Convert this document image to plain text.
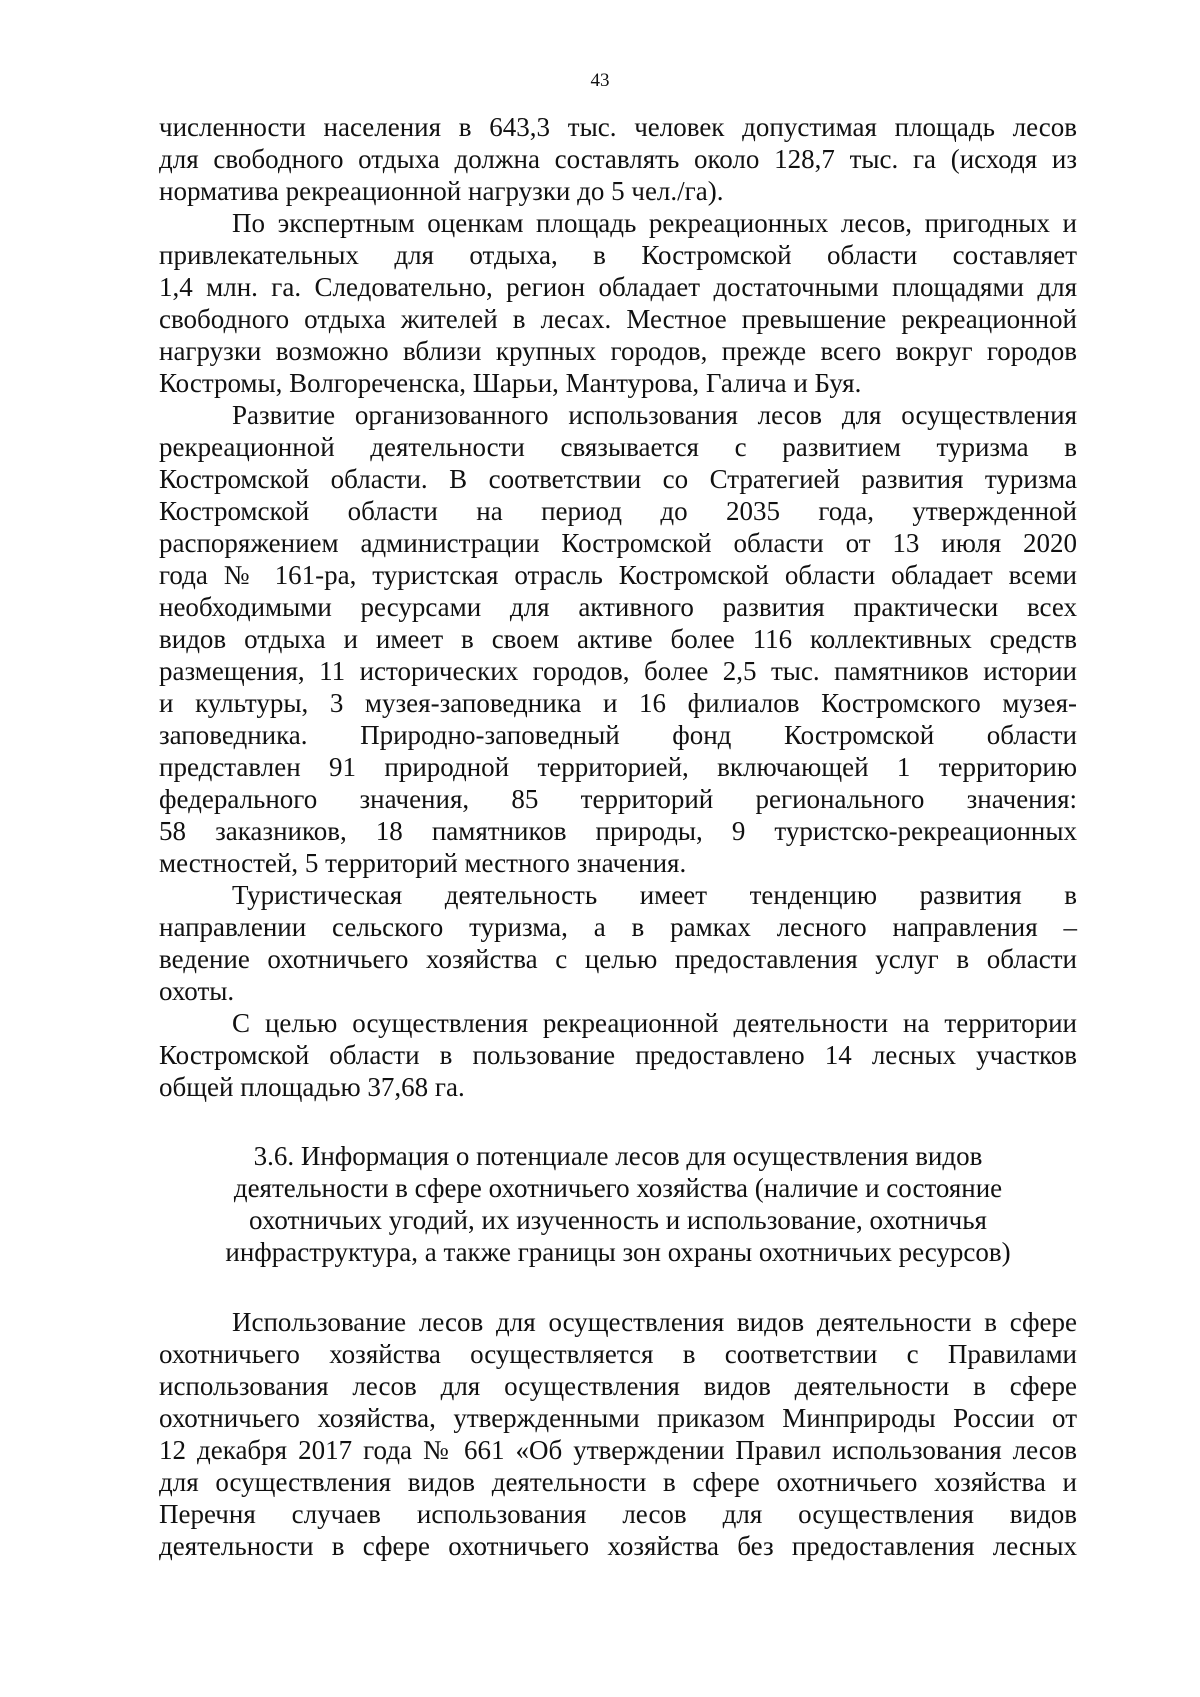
43
численности населения в 643,3 тыс. человек допустимая площадь лесов
для свободного отдыха должна составлять около 128,7 тыс. га (исходя из
норматива рекреационной нагрузки до 5 чел./га).
По экспертным оценкам площадь рекреационных лесов, пригодных и
привлекательных для отдыха, в Костромской области составляет
1,4 млн. га. Следовательно, регион обладает достаточными площадями для
свободного отдыха жителей в лесах. Местное превышение рекреационной
нагрузки возможно вблизи крупных городов, прежде всего вокруг городов
Костромы, Волгореченска, Шарьи, Мантурова, Галича и Буя.
Развитие организованного использования лесов для осуществления
рекреационной деятельности связывается с развитием туризма в
Костромской области. В соответствии со Стратегией развития туризма
Костромской области на период до 2035 года, утвержденной
распоряжением администрации Костромской области от 13 июля 2020
года № 161-ра, туристская отрасль Костромской области обладает всеми
необходимыми ресурсами для активного развития практически всех
видов отдыха и имеет в своем активе более 116 коллективных средств
размещения, 11 исторических городов, более 2,5 тыс. памятников истории
и культуры, 3 музея-заповедника и 16 филиалов Костромского музея-
заповедника. Природно-заповедный фонд Костромской области
представлен 91 природной территорией, включающей 1 территорию
федерального значения, 85 территорий регионального значения:
58 заказников, 18 памятников природы, 9 туристско-рекреационных
местностей, 5 территорий местного значения.
Туристическая деятельность имеет тенденцию развития в
направлении сельского туризма, а в рамках лесного направления –
ведение охотничьего хозяйства с целью предоставления услуг в области
охоты.
С целью осуществления рекреационной деятельности на территории
Костромской области в пользование предоставлено 14 лесных участков
общей площадью 37,68 га.
3.6. Информация о потенциале лесов для осуществления видов
деятельности в сфере охотничьего хозяйства (наличие и состояние
охотничьих угодий, их изученность и использование, охотничья
инфраструктура, а также границы зон охраны охотничьих ресурсов)
Использование лесов для осуществления видов деятельности в сфере
охотничьего хозяйства осуществляется в соответствии с Правилами
использования лесов для осуществления видов деятельности в сфере
охотничьего хозяйства, утвержденными приказом Минприроды России от
12 декабря 2017 года № 661 «Об утверждении Правил использования лесов
для осуществления видов деятельности в сфере охотничьего хозяйства и
Перечня случаев использования лесов для осуществления видов
деятельности в сфере охотничьего хозяйства без предоставления лесных
